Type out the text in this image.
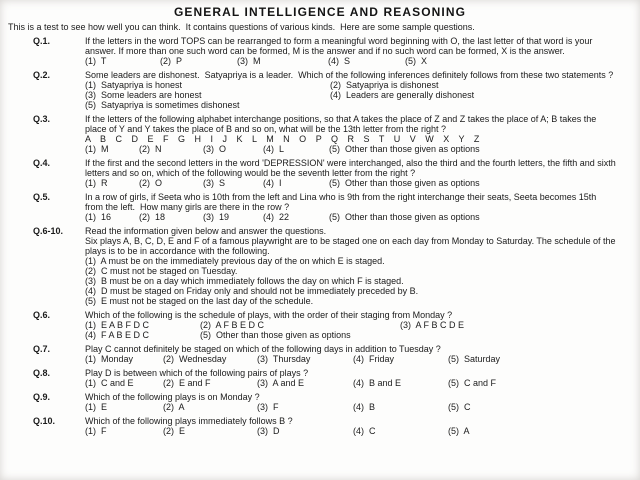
GENERAL INTELLIGENCE AND REASONING
This is a test to see how well you can think.  It contains questions of various kinds.  Here are some sample questions.
Q.1.	If the letters in the word TOPS can be rearranged to form a meaningful word beginning with O, the last letter of that word is your answer. If more than one such word can be formed, M is the answer and if no such word can be formed, X is the answer.
(1)  T	(2)  P	(3)  M	(4)  S	(5)  X
Q.2.	Some leaders are dishonest.  Satyapriya is a leader.  Which of the following inferences definitely follows from these two statements ?
(1)  Satyapriya is honest	(2)  Satyapriya is dishonest
(3)  Some leaders are honest	(4)  Leaders are generally dishonest
(5)  Satyapriya is sometimes dishonest
Q.3.	If the letters of the following alphabet interchange positions, so that A takes the place of Z and Z takes the place of A; B takes the place of Y and Y takes the place of B and so on, what will be the 13th letter from the right ?
A B C D E F G H I J K L M N O P Q R S T U V W X Y Z
(1)  M	(2)  N	(3)  O	(4)  L	(5)  Other than those given as options
Q.4.	If the first and the second letters in the word 'DEPRESSION' were interchanged, also the third and the fourth letters, the fifth and sixth letters and so on, which of the following would be the seventh letter from the right ?
(1)  R	(2)  O	(3)  S	(4)  I	(5)  Other than those given as options
Q.5.	In a row of girls, if Seeta who is 10th from the left and Lina who is 9th from the right interchange their seats, Seeta becomes 15th from the left.  How many girls are there in the row ?
(1)  16	(2)  18	(3)  19	(4)  22	(5)  Other than those given as options
Q.6-10.	Read the information given below and answer the questions.
Six plays A, B, C, D, E and F of a famous playwright are to be staged one on each day from Monday to Saturday. The schedule of the plays is to be in accordance with the following.
(1)  A must be on the immediately previous day of the on which E is staged.
(2)  C must not be staged on Tuesday.
(3)  B must be on a day which immediately follows the day on which F is staged.
(4)  D must be staged on Friday only and should not be immediately preceded by B.
(5)  E must not be staged on the last day of the schedule.
Q.6.	Which of the following is the schedule of plays, with the order of their staging from Monday ?
(1)  E A B F D C	(2)  A F B E D C	(3)  A F B C D E
(4)  F A B E D C	(5)  Other than those given as options
Q.7.	Play C cannot definitely be staged on which of the following days in addition to Tuesday ?
(1)  Monday	(2)  Wednesday	(3)  Thursday	(4)  Friday	(5)  Saturday
Q.8.	Play D is between which of the following pairs of plays ?
(1)  C and E	(2)  E and F	(3)  A and E	(4)  B and E	(5)  C and F
Q.9.	Which of the following plays is on Monday ?
(1)  E	(2)  A	(3)  F	(4)  B	(5)  C
Q.10.	Which of the following plays immediately follows B ?
(1)  F	(2)  E	(3)  D	(4)  C	(5)  A
